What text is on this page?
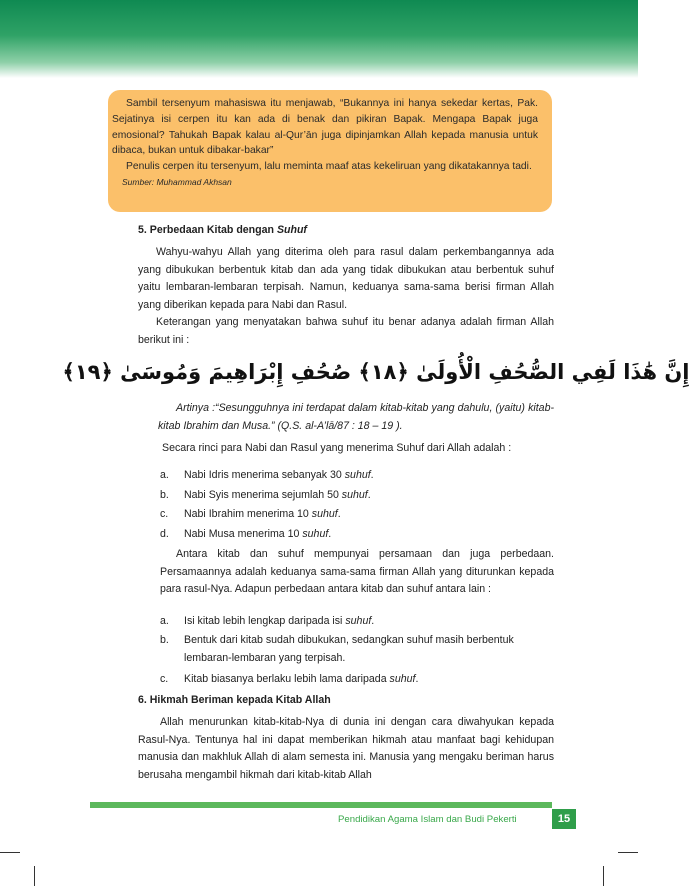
Sambil tersenyum mahasiswa itu menjawab, “Bukannya ini hanya sekedar kertas, Pak. Sejatinya isi cerpen itu kan ada di benak dan pikiran Bapak. Mengapa Bapak juga emosional? Tahukah Bapak kalau al-Qur’ān juga dipinjamkan Allah kepada manusia untuk dibaca, bukan untuk dibakar-bakar”

Penulis cerpen itu tersenyum, lalu meminta maaf atas kekeliruan yang dikatakannya tadi.

Sumber: Muhammad Akhsan

5. Perbedaan Kitab dengan Suhuf

Wahyu-wahyu Allah yang diterima oleh para rasul dalam perkembangannya ada yang dibukukan berbentuk kitab dan ada yang tidak dibukukan atau berbentuk suhuf yaitu lembaran-lembaran terpisah. Namun, keduanya sama-sama berisi firman Allah yang diberikan kepada para Nabi dan Rasul.

Keterangan yang menyatakan bahwa suhuf itu benar adanya adalah firman Allah berikut ini :

إِنَّ هَٰذَا لَفِي الصُّحُفِ الْأُولَىٰ ﴿١٨﴾ صُحُفِ إِبْرَاهِيمَ وَمُوسَىٰ ﴿١٩﴾

Artinya :“Sesungguhnya ini terdapat dalam kitab-kitab yang dahulu, (yaitu) kitab-kitab Ibrahim dan Musa.” (Q.S. al-A’lā/87 : 18 – 19 ).

Secara rinci para Nabi dan Rasul yang menerima Suhuf dari Allah adalah :

a.	Nabi Idris menerima sebanyak 30 suhuf.
b.	Nabi Syis menerima sejumlah 50 suhuf.
c.	Nabi Ibrahim menerima 10 suhuf.
d.	Nabi Musa menerima 10 suhuf.

Antara kitab dan suhuf mempunyai persamaan dan juga perbedaan. Persamaannya adalah keduanya sama-sama firman Allah yang diturunkan kepada para rasul-Nya. Adapun perbedaan antara kitab dan suhuf antara lain :

a.	Isi kitab lebih lengkap daripada isi suhuf.
b.	Bentuk dari kitab sudah dibukukan, sedangkan suhuf masih berbentuk lembaran-lembaran yang terpisah.
c.	Kitab biasanya berlaku lebih lama daripada suhuf.

6. Hikmah Beriman kepada Kitab Allah

Allah menurunkan kitab-kitab-Nya di dunia ini dengan cara diwahyukan kepada Rasul-Nya. Tentunya hal ini dapat memberikan hikmah atau manfaat bagi kehidupan manusia dan makhluk Allah di alam semesta ini. Manusia yang mengaku beriman harus berusaha mengambil hikmah dari kitab-kitab Allah

Pendidikan Agama Islam dan Budi Pekerti	15
